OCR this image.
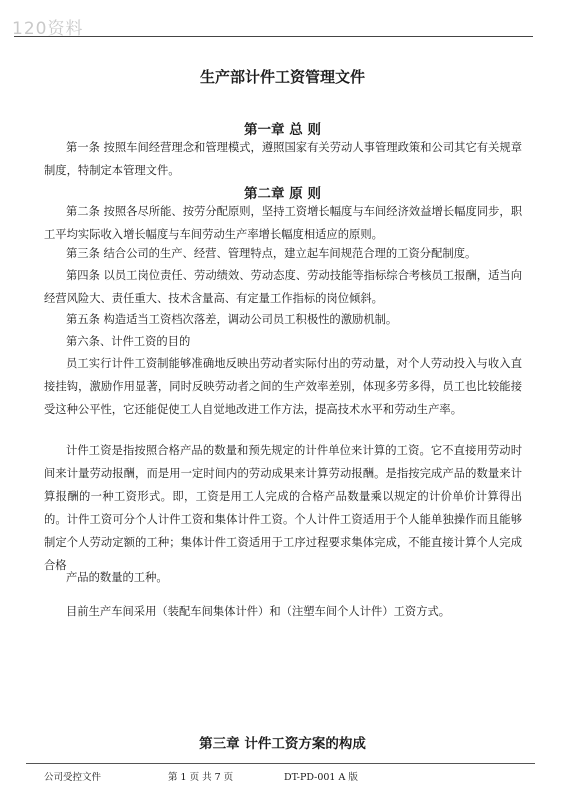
120资料
生产部计件工资管理文件
第一章 总 则

第一条 按照车间经营理念和管理模式，遵照国家有关劳动人事管理政策和公司其它有关规章制度，特制定本管理文件。

第二章 原 则

第二条 按照各尽所能、按劳分配原则，坚持工资增长幅度与车间经济效益增长幅度同步，职工平均实际收入增长幅度与车间劳动生产率增长幅度相适应的原则。

第三条 结合公司的生产、经营、管理特点，建立起车间规范合理的工资分配制度。

第四条 以员工岗位责任、劳动绩效、劳动态度、劳动技能等指标综合考核员工报酬，适当向经营风险大、责任重大、技术含量高、有定量工作指标的岗位倾斜。

第五条 构造适当工资档次落差，调动公司员工积极性的激励机制。

第六条、计件工资的目的

员工实行计件工资制能够准确地反映出劳动者实际付出的劳动量，对个人劳动投入与收入直接挂钩，激励作用显著，同时反映劳动者之间的生产效率差别，体现多劳多得，员工也比较能接受这种公平性，它还能促使工人自觉地改进工作方法，提高技术水平和劳动生产率。

计件工资是指按照合格产品的数量和预先规定的计件单位来计算的工资。它不直接用劳动时间来计量劳动报酬，而是用一定时间内的劳动成果来计算劳动报酬。是指按完成产品的数量来计算报酬的一种工资形式。即，工资是用工人完成的合格产品数量乘以规定的计价单价计算得出的。计件工资可分个人计件工资和集体计件工资。个人计件工资适用于个人能单独操作而且能够制定个人劳动定额的工种；集体计件工资适用于工序过程要求集体完成，不能直接计算个人完成合格

产品的数量的工种。

目前生产车间采用（装配车间集体计件）和（注塑车间个人计件）工资方式。

第三章 计件工资方案的构成
公司受控文件	第 1 页 共 7 页	DT-PD-001 A 版
